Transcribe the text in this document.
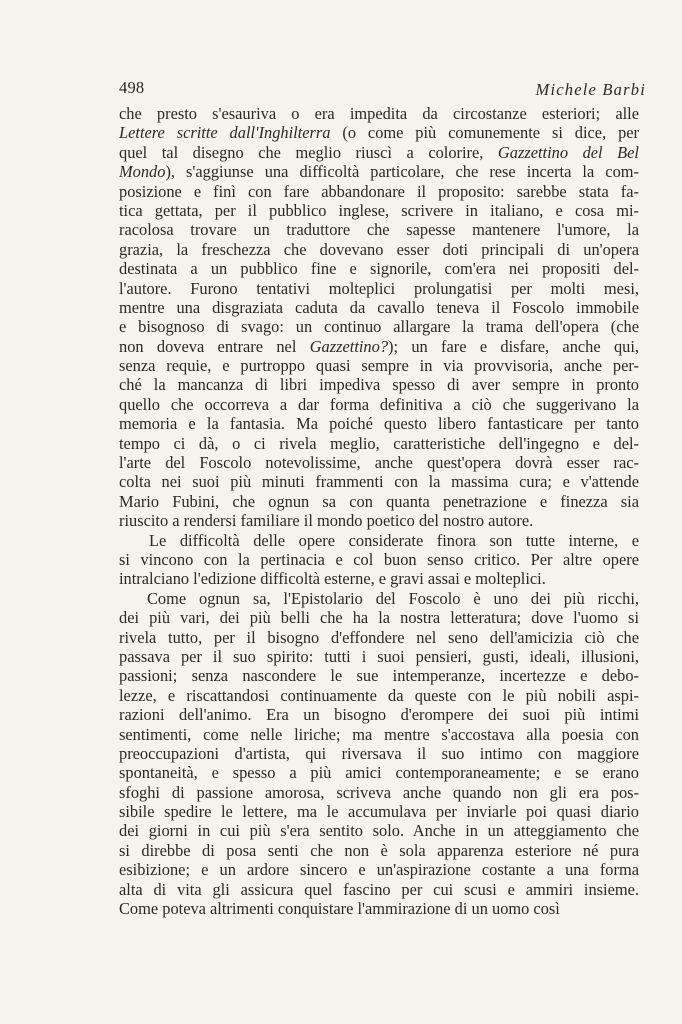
498	Michele Barbi
che presto s'esauriva o era impedita da circostanze esteriori; alle
Lettere scritte dall'Inghilterra (o come più comunemente si dice, per
quel tal disegno che meglio riuscì a colorire, Gazzettino del Bel
Mondo), s'aggiunse una difficoltà particolare, che rese incerta la com-
posizione e finì con fare abbandonare il proposito: sarebbe stata fa-
tica gettata, per il pubblico inglese, scrivere in italiano, e cosa mi-
racolosa trovare un traduttore che sapesse mantenere l'umore, la
grazia, la freschezza che dovevano esser doti principali di un'opera
destinata a un pubblico fine e signorile, com'era nei propositi del-
l'autore. Furono tentativi molteplici prolungatisi per molti mesi,
mentre una disgraziata caduta da cavallo teneva il Foscolo immobile
e bisognoso di svago: un continuo allargare la trama dell'opera (che
non doveva entrare nel Gazzettino?); un fare e disfare, anche qui,
senza requie, e purtroppo quasi sempre in via provvisoria, anche per-
ché la mancanza di libri impediva spesso di aver sempre in pronto
quello che occorreva a dar forma definitiva a ciò che suggerivano la
memoria e la fantasia. Ma poiché questo libero fantasticare per tanto
tempo ci dà, o ci rivela meglio, caratteristiche dell'ingegno e del-
l'arte del Foscolo notevolissime, anche quest'opera dovrà esser rac-
colta nei suoi più minuti frammenti con la massima cura; e v'attende
Mario Fubini, che ognun sa con quanta penetrazione e finezza sia
riuscito a rendersi familiare il mondo poetico del nostro autore.
Le difficoltà delle opere considerate finora son tutte interne, e
si vincono con la pertinacia e col buon senso critico. Per altre opere
intralciano l'edizione difficoltà esterne, e gravi assai e molteplici.
Come ognun sa, l'Epistolario del Foscolo è uno dei più ricchi,
dei più vari, dei più belli che ha la nostra letteratura; dove l'uomo si
rivela tutto, per il bisogno d'effondere nel seno dell'amicizia ciò che
passava per il suo spirito: tutti i suoi pensieri, gusti, ideali, illusioni,
passioni; senza nascondere le sue intemperanze, incertezze e debo-
lezze, e riscattandosi continuamente da queste con le più nobili aspi-
razioni dell'animo. Era un bisogno d'erompere dei suoi più intimi
sentimenti, come nelle liriche; ma mentre s'accostava alla poesia con
preoccupazioni d'artista, qui riversava il suo intimo con maggiore
spontaneità, e spesso a più amici contemporaneamente; e se erano
sfoghi di passione amorosa, scriveva anche quando non gli era pos-
sibile spedire le lettere, ma le accumulava per inviarle poi quasi diario
dei giorni in cui più s'era sentito solo. Anche in un atteggiamento che
si direbbe di posa senti che non è sola apparenza esteriore né pura
esibizione; e un ardore sincero e un'aspirazione costante a una forma
alta di vita gli assicura quel fascino per cui scusi e ammiri insieme.
Come poteva altrimenti conquistare l'ammirazione di un uomo così
